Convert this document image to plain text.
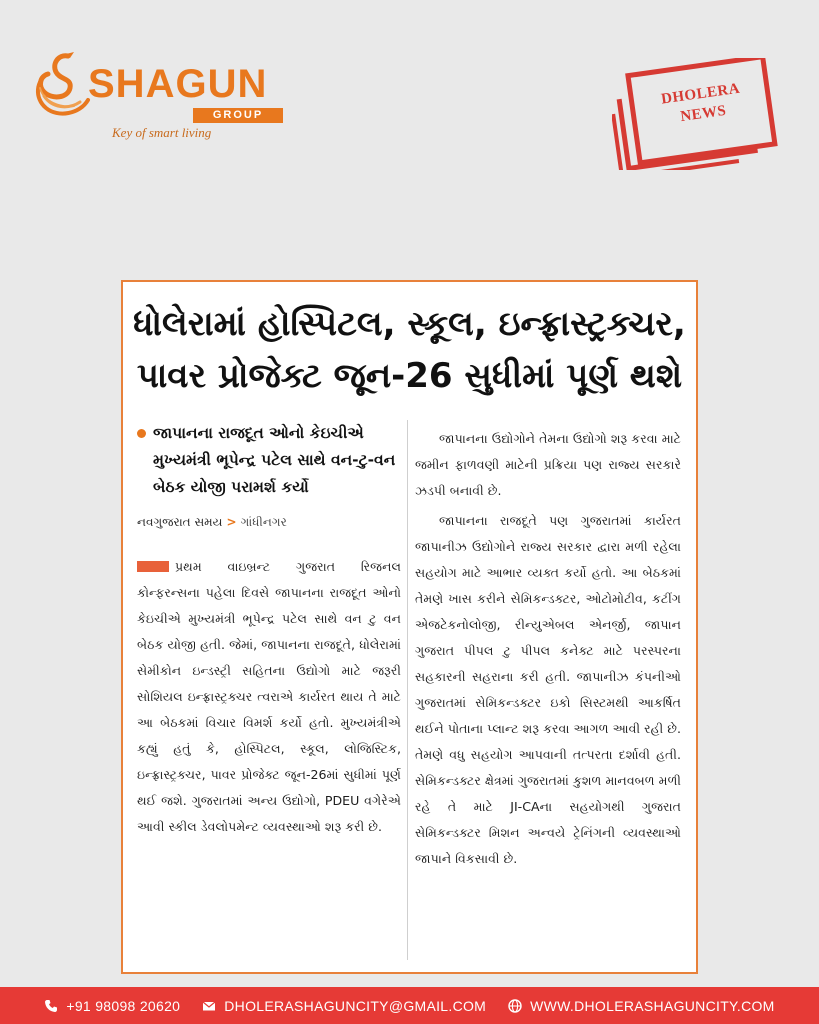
SHAGUN
GROUP
Key of smart living
DHOLERA
NEWS
ધોલેરામાં હોસ્પિટલ, સ્કૂલ, ઇન્ફ્રાસ્ટ્રક્ચર,
પાવર પ્રોજેક્ટ જૂન-26 સુધીમાં પૂર્ણ થશે
જાપાનના રાજદૂત ઓનો કેઇચીએ મુખ્યમંત્રી ભૂપેન્દ્ર પટેલ સાથે વન-ટુ-વન બેઠક યોજી પરામર્શ કર્યો
નવગુજરાત સમય > ગાંધીનગર

પ્રથમ વાઇબ્રન્ટ ગુજરાત રિજનલ કોન્ફરન્સના પહેલા દિવસે જાપાનના રાજદૂત ઓનો કેઇચીએ મુખ્યમંત્રી ભૂપેન્દ્ર પટેલ સાથે વન ટુ વન બેઠક યોજી હતી. જેમાં, જાપાનના રાજદૂતે, ધોલેરામાં સેમીકોન ઇન્ડસ્ટ્રી સહિતના ઉદ્યોગો માટે જરૂરી સોશિયલ ઇન્ફ્રાસ્ટ્રક્ચર ત્વરાએ કાર્યરત થાય તે માટે આ બેઠકમાં વિચાર વિમર્શ કર્યો હતો. મુખ્યમંત્રીએ કહ્યું હતું કે, હોસ્પિટલ, સ્કૂલ, લોજિસ્ટિક, ઇન્ફ્રાસ્ટ્રક્ચર, પાવર પ્રોજેક્ટ જૂન-26માં સુધીમાં પૂર્ણ થઈ જશે. ગુજરાતમાં અન્ય ઉદ્યોગો, PDEU વગેરેએ આવી સ્કીલ ડેવલોપમેન્ટ વ્યવસ્થાઓ શરૂ કરી છે.

જાપાનના ઉદ્યોગોને તેમના ઉદ્યોગો શરૂ કરવા માટે જમીન ફાળવણી માટેની પ્રક્રિયા પણ રાજ્ય સરકારે ઝડપી બનાવી છે.

જાપાનના રાજદૂતે પણ ગુજરાતમાં કાર્યરત જાપાનીઝ ઉદ્યોગોને રાજ્ય સરકાર દ્વારા મળી રહેલા સહયોગ માટે આભાર વ્યક્ત કર્યો હતો. આ બેઠકમાં તેમણે ખાસ કરીને સેમિકન્ડક્ટર, ઓટોમોટીવ, કટીંગ એજટેકનોલોજી, રીન્યુએબલ એનર્જી, જાપાન ગુજરાત પીપલ ટુ પીપલ કનેક્ટ માટે પરસ્પરના સહકારની સહરાના કરી હતી. જાપાનીઝ કંપનીઓ ગુજરાતમાં સેમિકન્ડક્ટર ઇકો સિસ્ટમથી આકર્ષિત થઈને પોતાના પ્લાન્ટ શરૂ કરવા આગળ આવી રહી છે. તેમણે વધુ સહયોગ આપવાની તત્પરતા દર્શાવી હતી. સેમિકન્ડક્ટર ક્ષેત્રમાં ગુજરાતમાં કુશળ માનવબળ મળી રહે તે માટે JI-CAના સહયોગથી ગુજરાત સેમિકન્ડક્ટર મિશન અન્વયે ટ્રેનિંગની વ્યવસ્થાઓ જાપાને વિકસાવી છે.

+91 98098 20620	DHOLERASHAGUNCITY@GMAIL.COM	WWW.DHOLERASHAGUNCITY.COM
